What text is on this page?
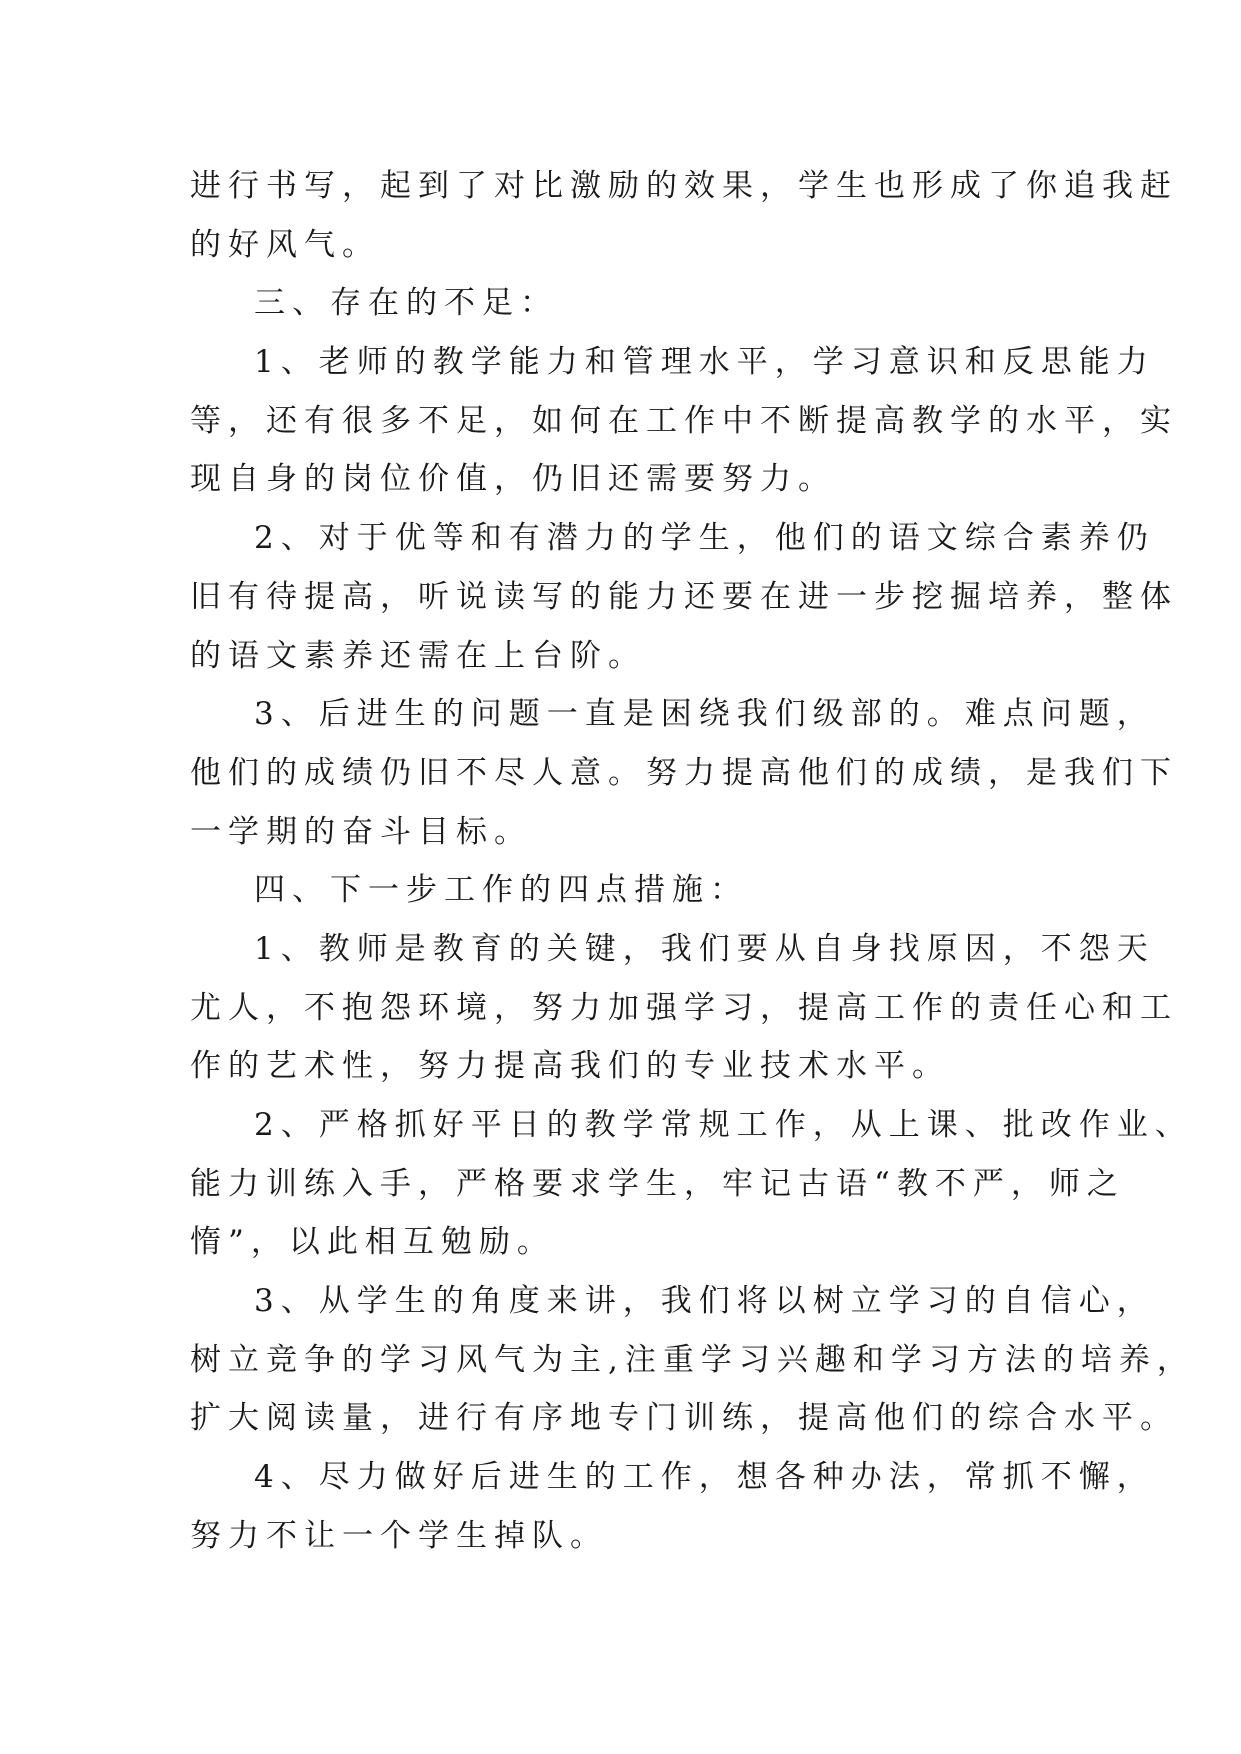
进行书写，起到了对比激励的效果，学生也形成了你追我赶
的好风气。
三、存在的不足：
1、老师的教学能力和管理水平，学习意识和反思能力
等，还有很多不足，如何在工作中不断提高教学的水平，实
现自身的岗位价值，仍旧还需要努力。
2、对于优等和有潜力的学生，他们的语文综合素养仍
旧有待提高，听说读写的能力还要在进一步挖掘培养，整体
的语文素养还需在上台阶。
3、后进生的问题一直是困绕我们级部的。难点问题，
他们的成绩仍旧不尽人意。努力提高他们的成绩，是我们下
一学期的奋斗目标。
四、下一步工作的四点措施：
1、教师是教育的关键，我们要从自身找原因，不怨天
尤人，不抱怨环境，努力加强学习，提高工作的责任心和工
作的艺术性，努力提高我们的专业技术水平。
2、严格抓好平日的教学常规工作，从上课、批改作业、
能力训练入手，严格要求学生，牢记古语“教不严，师之
惰”，以此相互勉励。
3、从学生的角度来讲，我们将以树立学习的自信心，
树立竞争的学习风气为主,注重学习兴趣和学习方法的培养，
扩大阅读量，进行有序地专门训练，提高他们的综合水平。
4、尽力做好后进生的工作，想各种办法，常抓不懈，
努力不让一个学生掉队。
